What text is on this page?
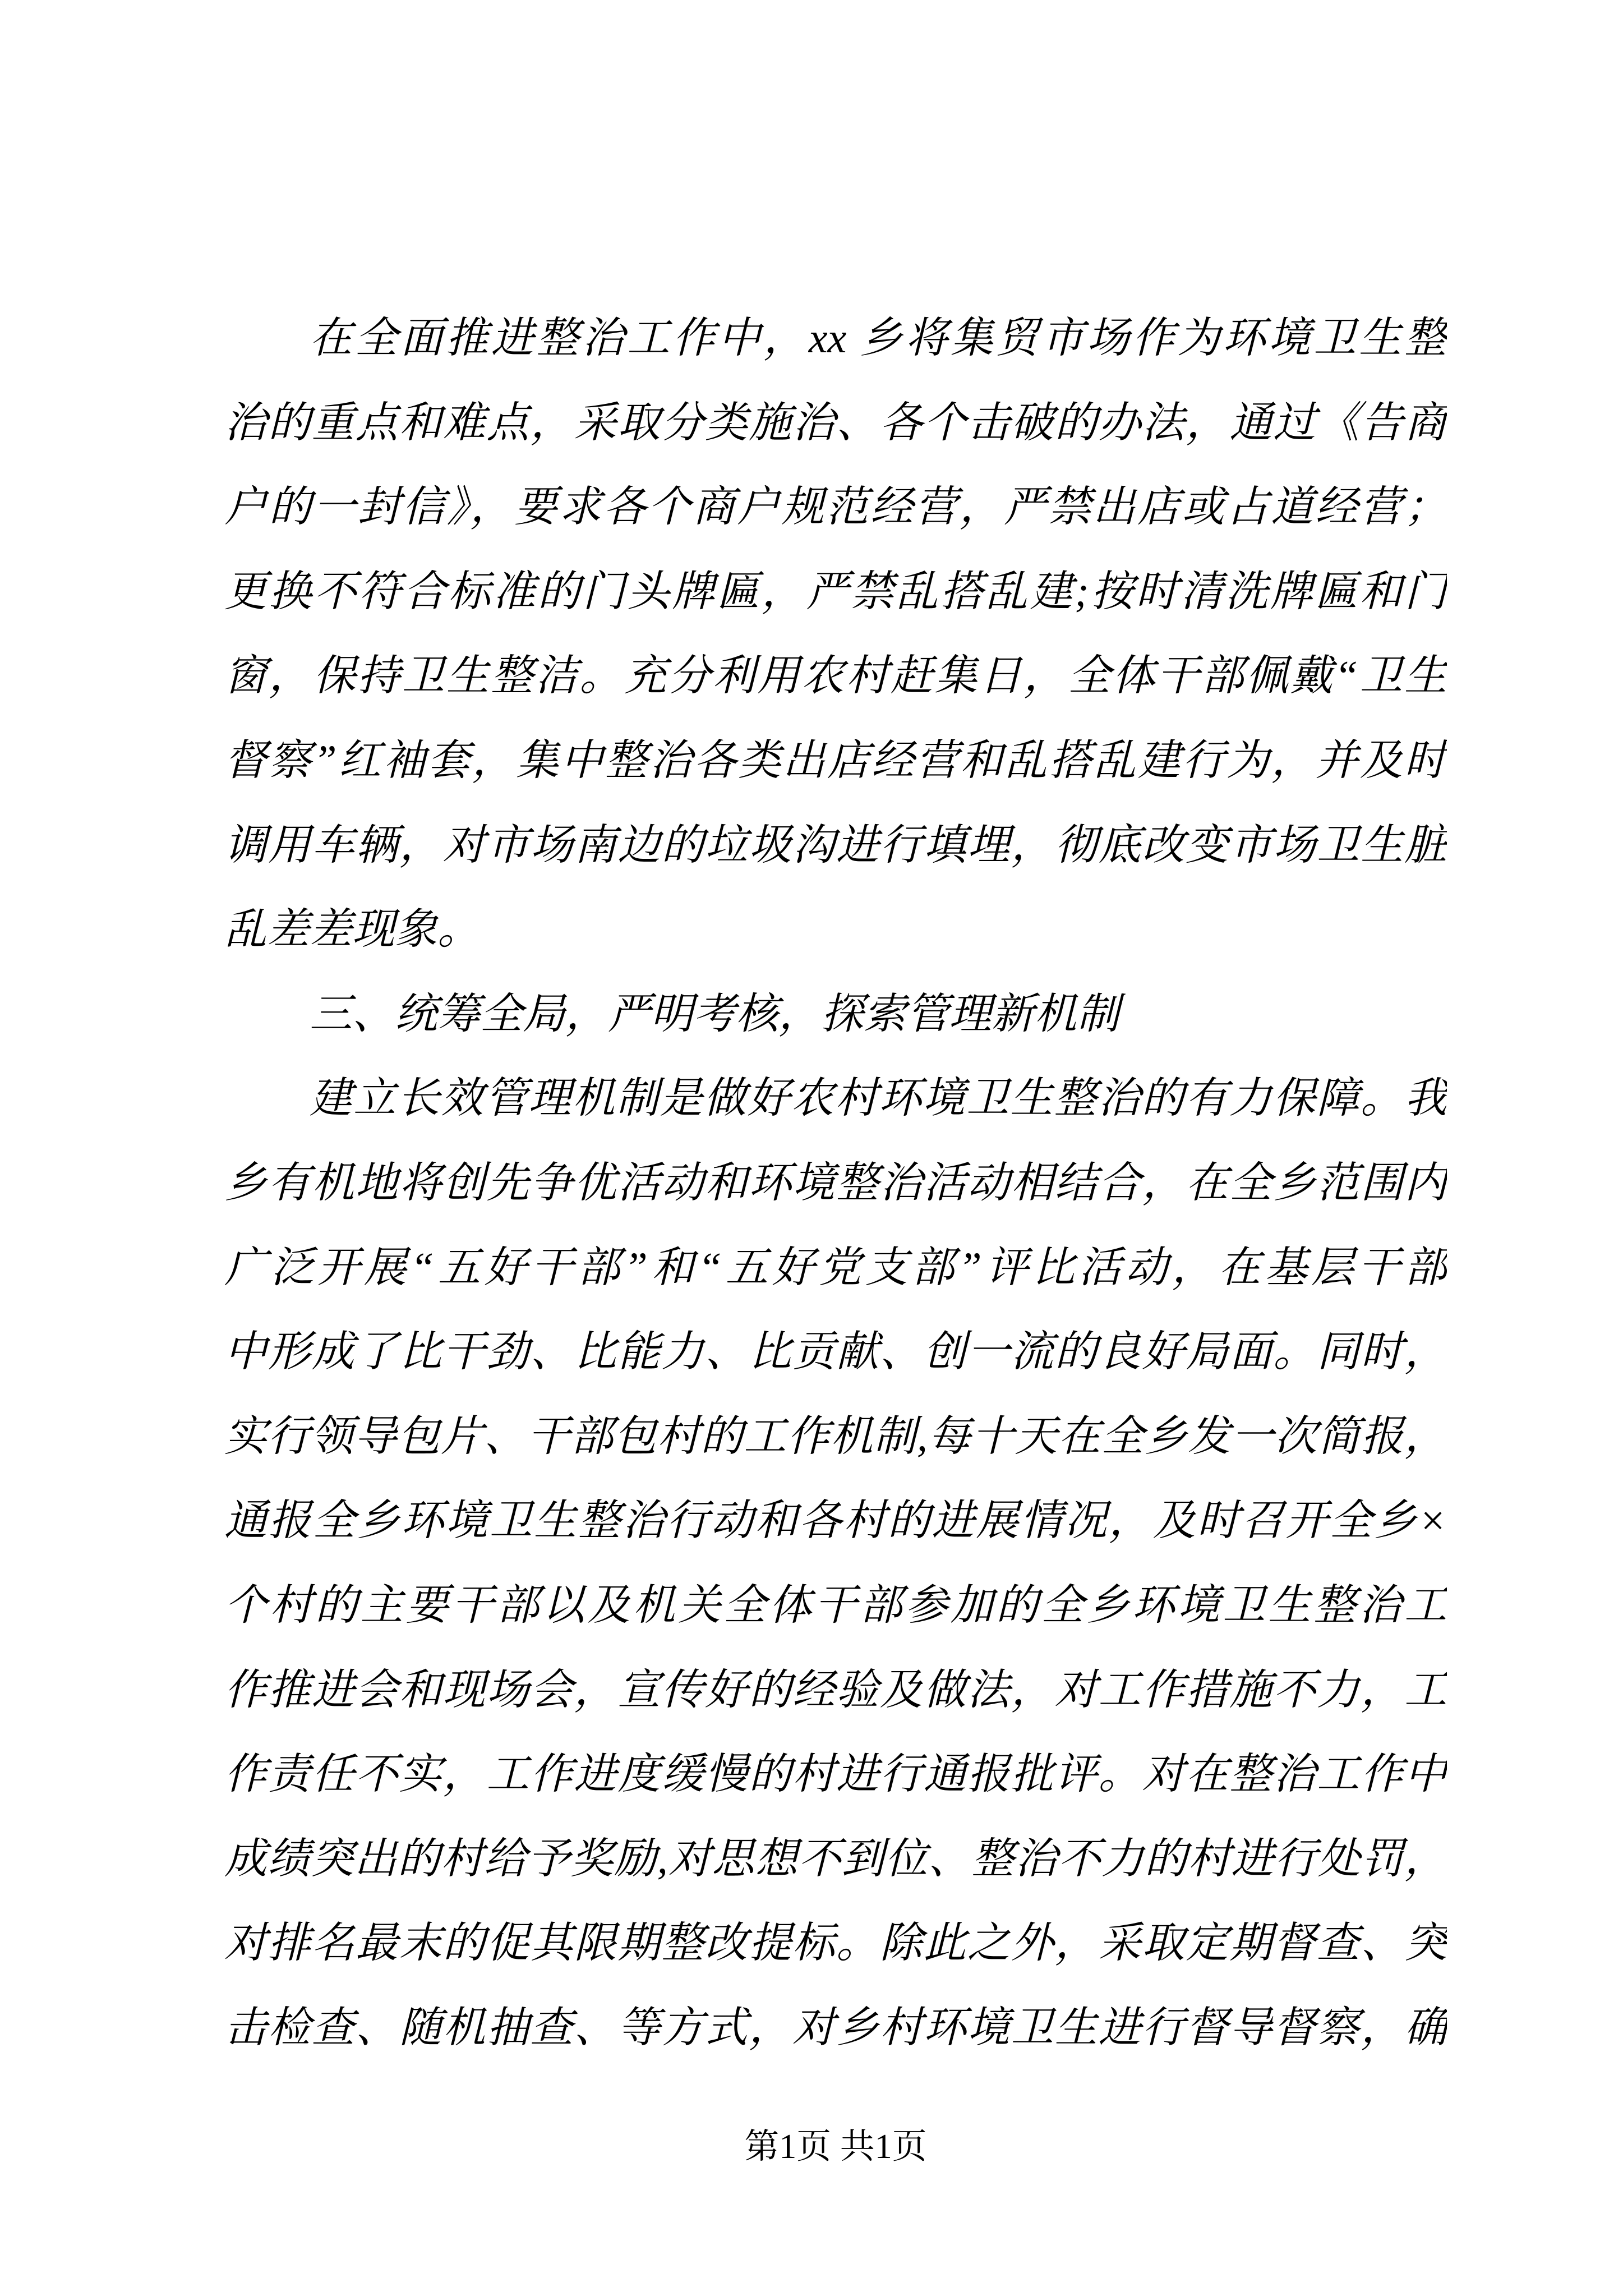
在全面推进整治工作中，xx 乡将集贸市场作为环境卫生整
治的重点和难点，采取分类施治、各个击破的办法，通过《告商
户的一封信》，要求各个商户规范经营，严禁出店或占道经营；
更换不符合标准的门头牌匾，严禁乱搭乱建;按时清洗牌匾和门
窗，保持卫生整洁。充分利用农村赶集日，全体干部佩戴“卫生
督察”红袖套，集中整治各类出店经营和乱搭乱建行为，并及时
调用车辆，对市场南边的垃圾沟进行填埋，彻底改变市场卫生脏
乱差差现象。
三、统筹全局，严明考核，探索管理新机制
建立长效管理机制是做好农村环境卫生整治的有力保障。我
乡有机地将创先争优活动和环境整治活动相结合，在全乡范围内
广泛开展“五好干部”和“五好党支部”评比活动，在基层干部
中形成了比干劲、比能力、比贡献、创一流的良好局面。同时，
实行领导包片、干部包村的工作机制,每十天在全乡发一次简报，
通报全乡环境卫生整治行动和各村的进展情况，及时召开全乡×
个村的主要干部以及机关全体干部参加的全乡环境卫生整治工
作推进会和现场会，宣传好的经验及做法，对工作措施不力，工
作责任不实，工作进度缓慢的村进行通报批评。对在整治工作中
成绩突出的村给予奖励,对思想不到位、整治不力的村进行处罚，
对排名最末的促其限期整改提标。除此之外，采取定期督查、突
击检查、随机抽查、等方式，对乡村环境卫生进行督导督察，确
第1页 共1页
